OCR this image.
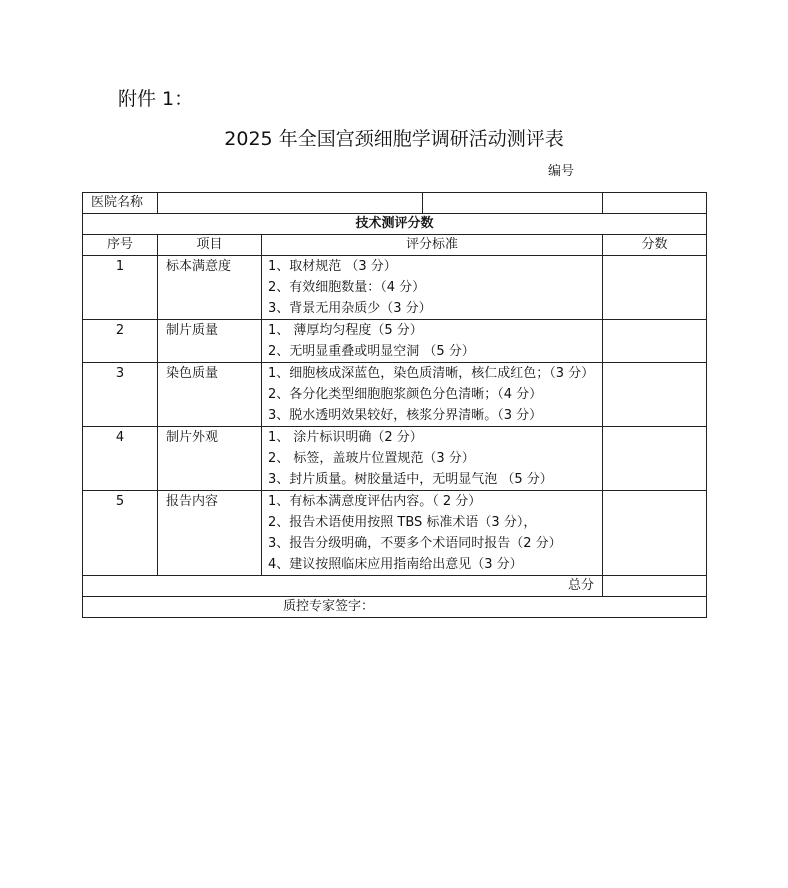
附件 1：
2025 年全国宫颈细胞学调研活动测评表
编号
医院名称		

技术测评分数			
序号	项目	评分标准	分数
1	标本满意度	1、取材规范 （3 分）
2、有效细胞数量：（4 分）
3、背景无用杂质少（3 分）	

2	制片质量	1、 薄厚均匀程度（5 分）
2、无明显重叠或明显空洞 （5 分）	

3	染色质量	1、细胞核成深蓝色，染色质清晰，核仁成红色；（3 分）
2、各分化类型细胞胞浆颜色分色清晰；（4 分）
3、脱水透明效果较好，核浆分界清晰。（3 分）	

4	制片外观	1、 涂片标识明确（2 分）
2、 标签，盖玻片位置规范（3 分）
3、封片质量。树胶量适中，无明显气泡 （5 分）	

5	报告内容	1、有标本满意度评估内容。（ 2 分）
2、报告术语使用按照 TBS 标准术语（3 分），
3、报告分级明确，不要多个术语同时报告（2 分）
4、建议按照临床应用指南给出意见（3 分）	

总分			
质控专家签字：			
